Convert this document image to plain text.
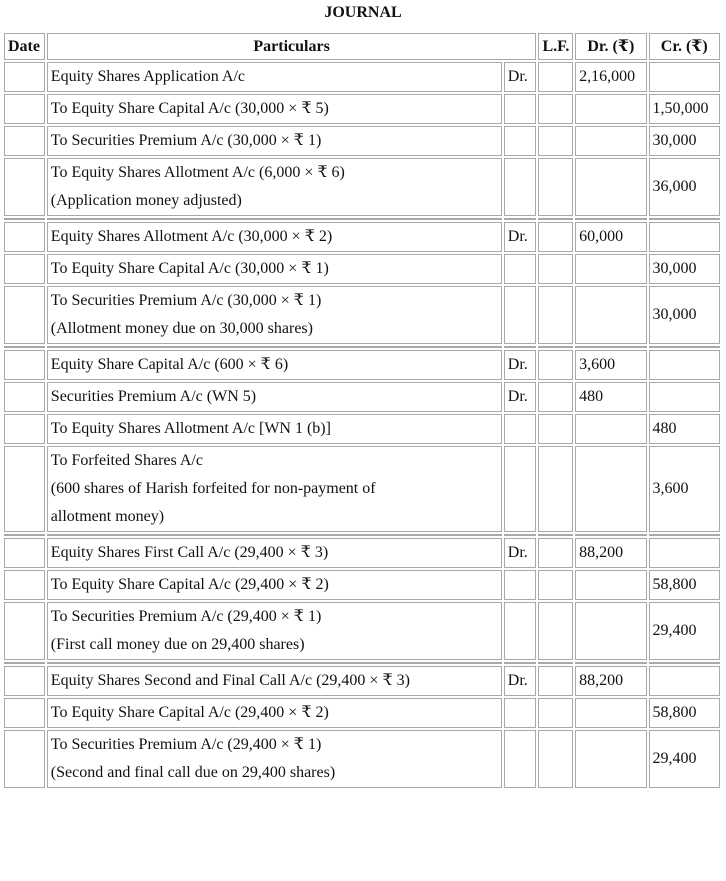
JOURNAL
Date	Particulars		L.F.	Dr. (₹)	Cr. (₹)
	Equity Shares Application A/c	Dr.		2,16,000	

	To Equity Share Capital A/c (30,000 × ₹ 5)				1,50,000

	To Securities Premium A/c (30,000 × ₹ 1)				30,000

	To Equity Shares Allotment A/c (6,000 × ₹ 6)
(Application money adjusted)				36,000

	Equity Shares Allotment A/c (30,000 × ₹ 2)	Dr.		60,000	

	To Equity Share Capital A/c (30,000 × ₹ 1)				30,000

	To Securities Premium A/c (30,000 × ₹ 1)
(Allotment money due on 30,000 shares)				30,000

	Equity Share Capital A/c (600 × ₹ 6)	Dr.		3,600	
	Securities Premium A/c (WN 5)	Dr.		480	

	To Equity Shares Allotment A/c [WN 1 (b)]				480

	To Forfeited Shares A/c
(600 shares of Harish forfeited for non-payment of
allotment money)				3,600

	Equity Shares First Call A/c (29,400 × ₹ 3)	Dr.		88,200	

	To Equity Share Capital A/c (29,400 × ₹ 2)				58,800

	To Securities Premium A/c (29,400 × ₹ 1)
(First call money due on 29,400 shares)				29,400

	Equity Shares Second and Final Call A/c (29,400 × ₹ 3)	Dr.		88,200	

	To Equity Share Capital A/c (29,400 × ₹ 2)				58,800

	To Securities Premium A/c (29,400 × ₹ 1)
(Second and final call due on 29,400 shares)				29,400
